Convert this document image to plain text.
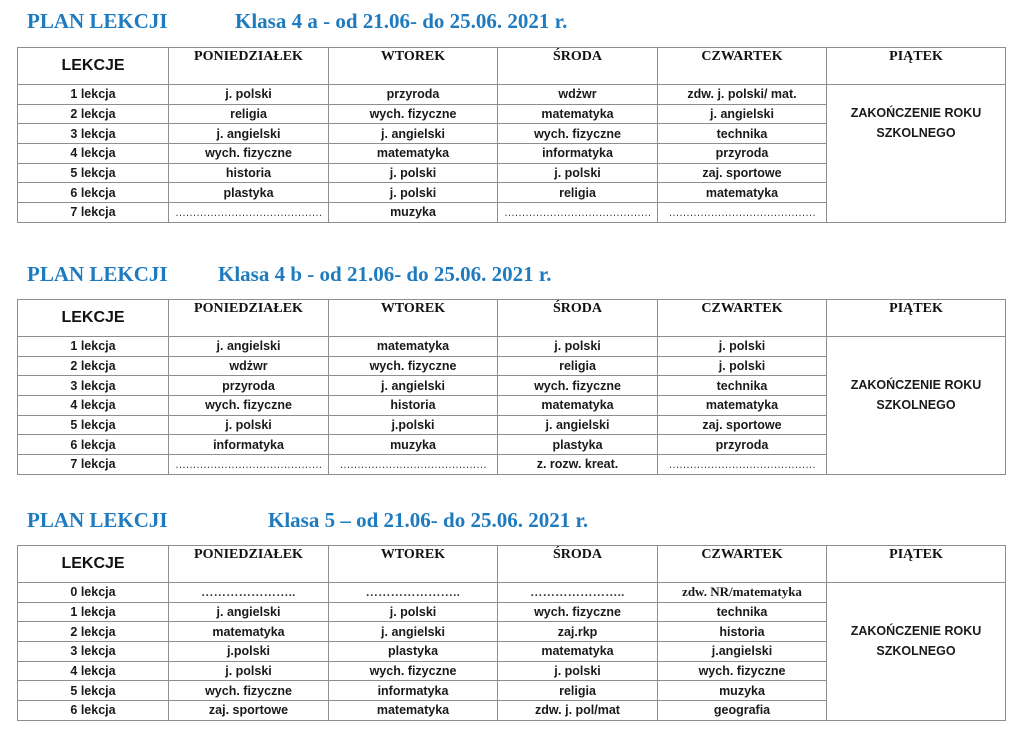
PLAN LEKCJI	Klasa 4 a - od 21.06- do 25.06. 2021 r.
LEKCJE	PONIEDZIAŁEK	WTOREK	ŚRODA	CZWARTEK	PIĄTEK
1 lekcja	j. polski	przyroda	wdżwr	zdw. j. polski/ mat.	ZAKOŃCZENIE ROKU SZKOLNEGO
2 lekcja	religia	wych. fizyczne	matematyka	j. angielski	
3 lekcja	j. angielski	j. angielski	wych. fizyczne	technika	
4 lekcja	wych. fizyczne	matematyka	informatyka	przyroda	
5 lekcja	historia	j. polski	j. polski	zaj. sportowe	
6 lekcja	plastyka	j. polski	religia	matematyka	
7 lekcja	……………………………………	muzyka	……………………………………	……………………………………	
PLAN LEKCJI Klasa 4 b - od 21.06- do 25.06. 2021 r.
LEKCJE	PONIEDZIAŁEK	WTOREK	ŚRODA	CZWARTEK	PIĄTEK
1 lekcja	j. angielski	matematyka	j. polski	j. polski	ZAKOŃCZENIE ROKU SZKOLNEGO
2 lekcja	wdżwr	wych. fizyczne	religia	j. polski	
3 lekcja	przyroda	j. angielski	wych. fizyczne	technika	
4 lekcja	wych. fizyczne	historia	matematyka	matematyka	
5 lekcja	j. polski	j.polski	j. angielski	zaj. sportowe	
6 lekcja	informatyka	muzyka	plastyka	przyroda	
7 lekcja	……………………………………	……………………………………	z. rozw. kreat.	……………………………………	
PLAN LEKCJI	Klasa 5 – od 21.06- do 25.06. 2021 r.
LEKCJE	PONIEDZIAŁEK	WTOREK	ŚRODA	CZWARTEK	PIĄTEK
0 lekcja	…………………..	…………………..	…………………..	zdw. NR/matematyka	ZAKOŃCZENIE ROKU SZKOLNEGO
1 lekcja	j. angielski	j. polski	wych. fizyczne	technika	
2 lekcja	matematyka	j. angielski	zaj.rkp	historia	
3 lekcja	j.polski	plastyka	matematyka	j.angielski	
4 lekcja	j. polski	wych. fizyczne	j. polski	wych. fizyczne	
5 lekcja	wych. fizyczne	informatyka	religia	muzyka	
6 lekcja	zaj. sportowe	matematyka	zdw. j. pol/mat	geografia	
